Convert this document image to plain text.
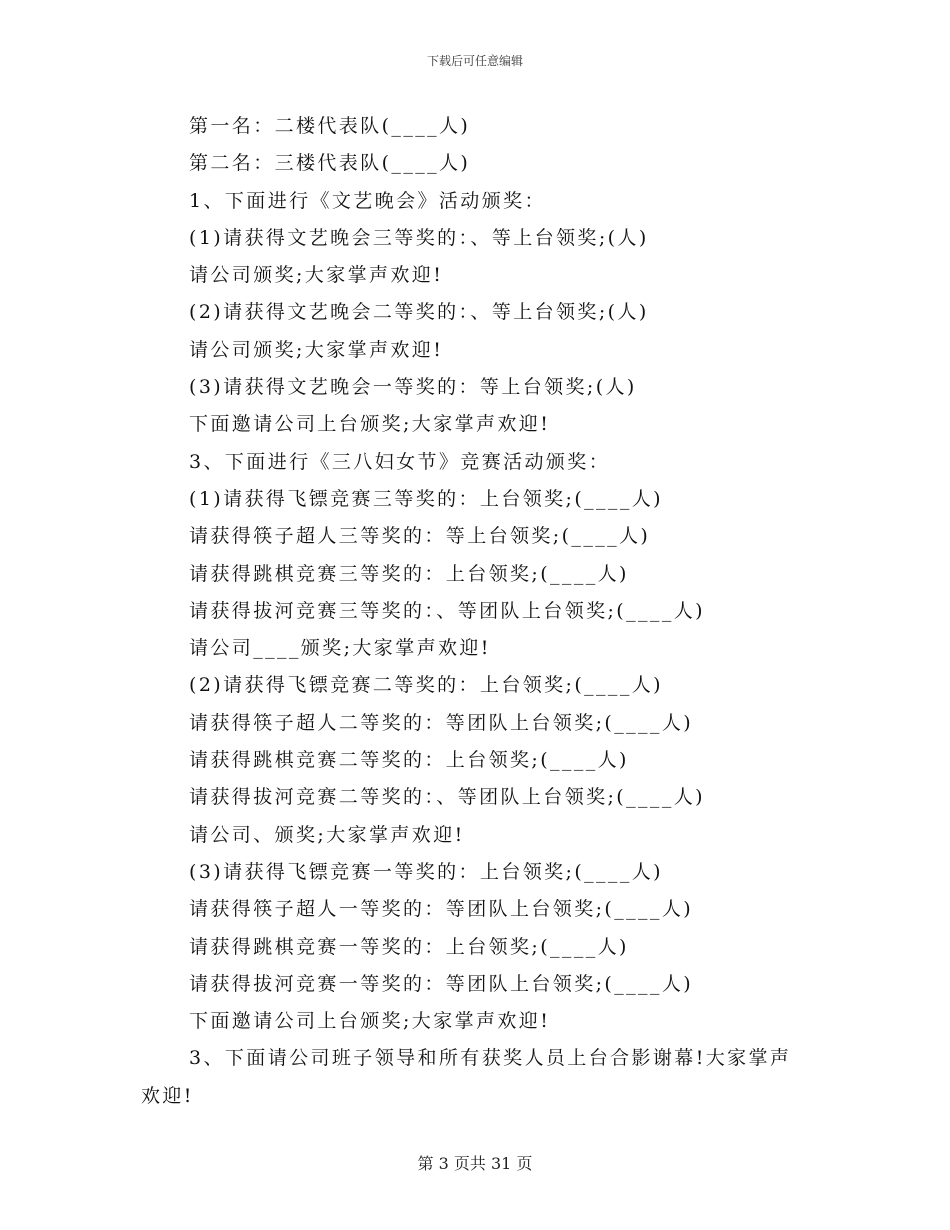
下载后可任意编辑
第一名：二楼代表队(____人)
第二名：三楼代表队(____人)
1、下面进行《文艺晚会》活动颁奖：
(1)请获得文艺晚会三等奖的：、等上台领奖;(人)
请公司颁奖;大家掌声欢迎!
(2)请获得文艺晚会二等奖的：、等上台领奖;(人)
请公司颁奖;大家掌声欢迎!
(3)请获得文艺晚会一等奖的：等上台领奖;(人)
下面邀请公司上台颁奖;大家掌声欢迎!
3、下面进行《三八妇女节》竞赛活动颁奖：
(1)请获得飞镖竞赛三等奖的：上台领奖;(____人)
请获得筷子超人三等奖的：等上台领奖;(____人)
请获得跳棋竞赛三等奖的：上台领奖;(____人)
请获得拔河竞赛三等奖的：、等团队上台领奖;(____人)
请公司____颁奖;大家掌声欢迎!
(2)请获得飞镖竞赛二等奖的：上台领奖;(____人)
请获得筷子超人二等奖的：等团队上台领奖;(____人)
请获得跳棋竞赛二等奖的：上台领奖;(____人)
请获得拔河竞赛二等奖的：、等团队上台领奖;(____人)
请公司、颁奖;大家掌声欢迎!
(3)请获得飞镖竞赛一等奖的：上台领奖;(____人)
请获得筷子超人一等奖的：等团队上台领奖;(____人)
请获得跳棋竞赛一等奖的：上台领奖;(____人)
请获得拔河竞赛一等奖的：等团队上台领奖;(____人)
下面邀请公司上台颁奖;大家掌声欢迎!
3、下面请公司班子领导和所有获奖人员上台合影谢幕!大家掌声
欢迎!
第 3 页共 31 页
